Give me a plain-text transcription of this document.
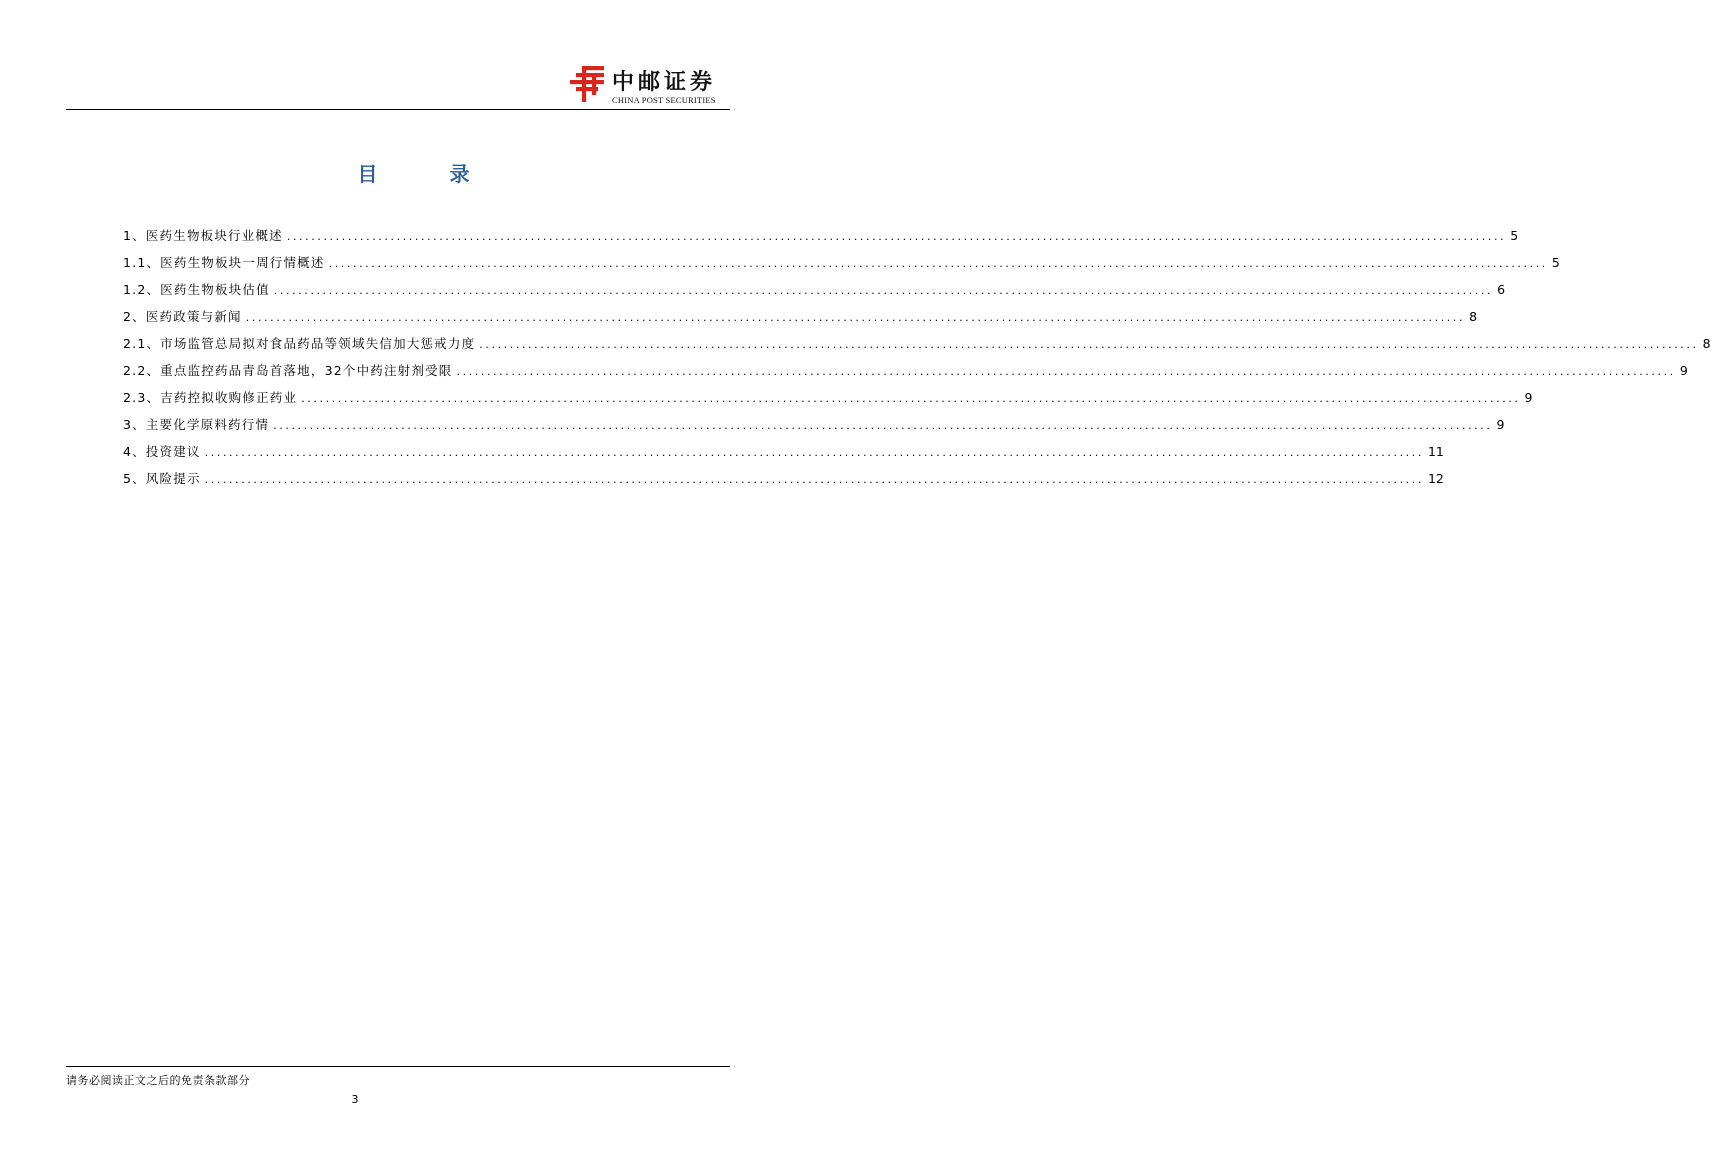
中邮证券
CHINA POST SECURITIES
目	录
1、医药生物板块行业概述 ........................................................................................................................................................................................................ 5
1.1、医药生物板块一周行情概述 ........................................................................................................................................................................................................ 5
1.2、医药生物板块估值 ........................................................................................................................................................................................................ 6
2、医药政策与新闻 ........................................................................................................................................................................................................ 8
2.1、市场监管总局拟对食品药品等领域失信加大惩戒力度 ........................................................................................................................................................................................................ 8
2.2、重点监控药品青岛首落地，32个中药注射剂受限 ........................................................................................................................................................................................................ 9
2.3、吉药控拟收购修正药业 ........................................................................................................................................................................................................ 9
3、主要化学原料药行情 ........................................................................................................................................................................................................ 9
4、投资建议 ........................................................................................................................................................................................................ 11
5、风险提示 ........................................................................................................................................................................................................ 12
请务必阅读正文之后的免责条款部分
3
